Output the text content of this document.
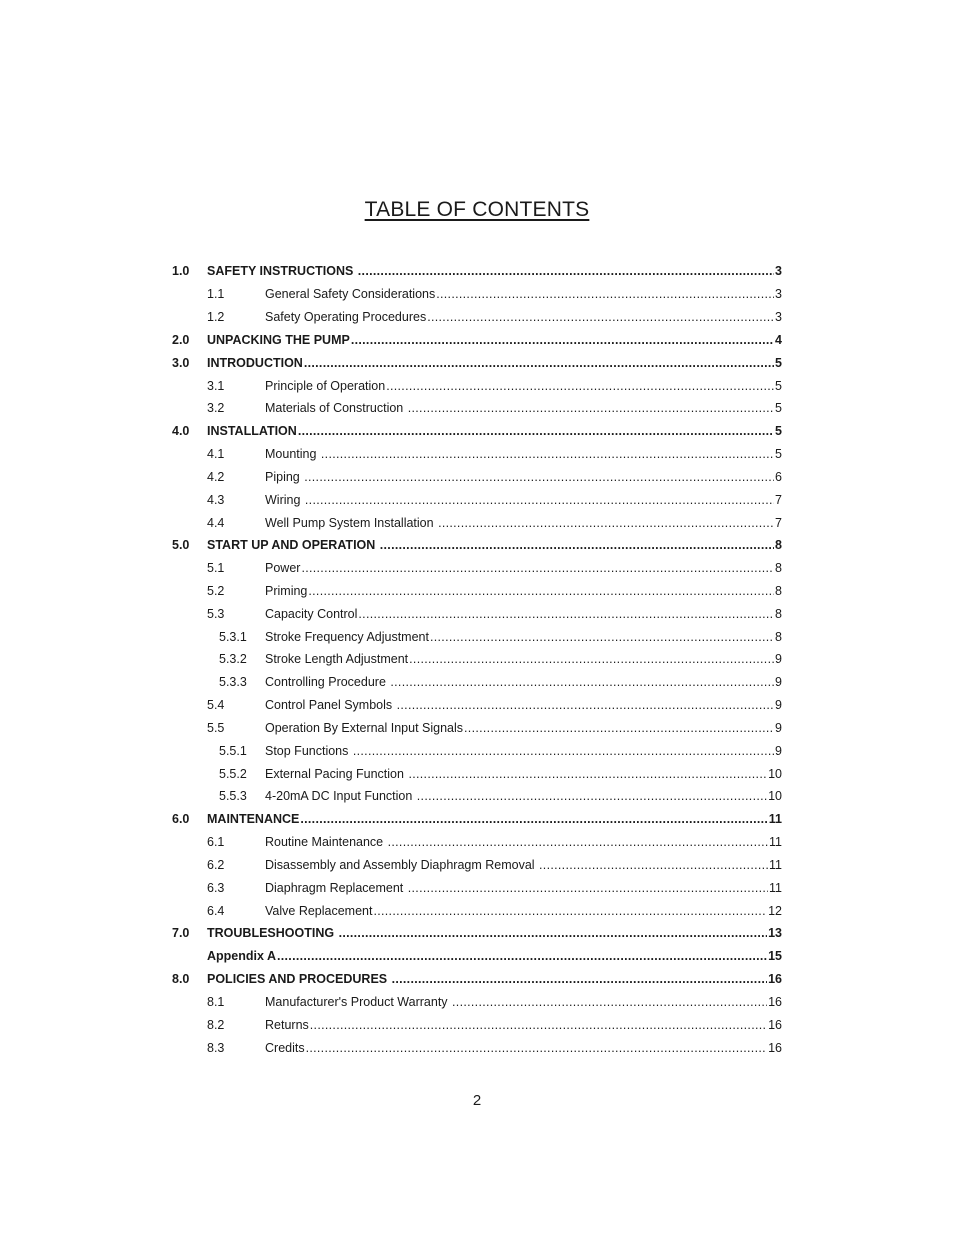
TABLE OF CONTENTS
1.0 SAFETY INSTRUCTIONS .....	3
1.1	General Safety Considerations .....	3
1.2	Safety Operating Procedures .....	3
2.0 UNPACKING THE PUMP .....	4
3.0 INTRODUCTION .....	5
3.1	Principle of Operation .....	5
3.2	Materials of Construction .....	5
4.0 INSTALLATION .....	5
4.1	Mounting .....	5
4.2	Piping .....	6
4.3	Wiring .....	7
4.4	Well Pump System Installation .....	7
5.0 START UP AND OPERATION .....	8
5.1	Power .....	8
5.2	Priming .....	8
5.3	Capacity Control .....	8
5.3.1 Stroke Frequency Adjustment .....	8
5.3.2 Stroke Length Adjustment .....	9
5.3.3 Controlling Procedure .....	9
5.4	Control Panel Symbols .....	9
5.5	Operation By External Input Signals .....	9
5.5.1 Stop Functions .....	9
5.5.2 External Pacing Function .....	10
5.5.3 4-20mA DC Input Function .....	10
6.0 MAINTENANCE .....	11
6.1	Routine Maintenance .....	11
6.2	Disassembly and Assembly Diaphragm Removal .....	11
6.3	Diaphragm Replacement .....	11
6.4	Valve Replacement .....	12
7.0 TROUBLESHOOTING .....	13
Appendix A .....	15
8.0 POLICIES AND PROCEDURES .....	16
8.1	Manufacturer's Product Warranty .....	16
8.2	Returns .....	16
8.3	Credits .....	16
2
